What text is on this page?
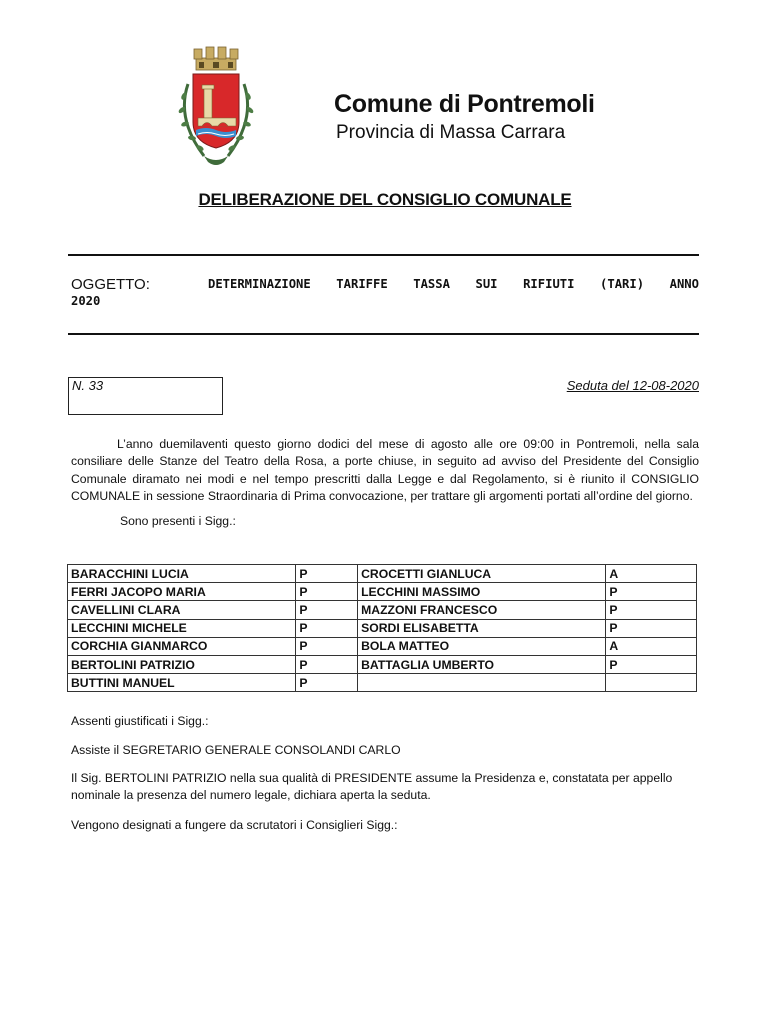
Comune di Pontremoli
Provincia di Massa Carrara
DELIBERAZIONE DEL CONSIGLIO COMUNALE
OGGETTO:	DETERMINAZIONE TARIFFE TASSA SUI RIFIUTI (TARI) ANNO
2020
N. 33	Seduta del 12-08-2020

L’anno duemilaventi questo giorno dodici del mese di agosto alle ore 09:00 in Pontremoli, nella sala consiliare delle Stanze del Teatro della Rosa, a porte chiuse, in seguito ad avviso del Presidente del Consiglio Comunale diramato nei modi e nel tempo prescritti dalla Legge e dal Regolamento, si è riunito il CONSIGLIO COMUNALE in sessione Straordinaria di Prima convocazione, per trattare gli argomenti portati all’ordine del giorno.

Sono presenti i Sigg.:
BARACCHINI LUCIA	P	CROCETTI GIANLUCA	A
FERRI JACOPO MARIA	P	LECCHINI MASSIMO	P
CAVELLINI CLARA	P	MAZZONI FRANCESCO	P
LECCHINI MICHELE	P	SORDI ELISABETTA	P
CORCHIA GIANMARCO	P	BOLA MATTEO	A
BERTOLINI PATRIZIO	P	BATTAGLIA UMBERTO	P
BUTTINI MANUEL	P		
Assenti giustificati i Sigg.:
Assiste il SEGRETARIO GENERALE CONSOLANDI CARLO
Il Sig. BERTOLINI PATRIZIO nella sua qualità di PRESIDENTE assume la Presidenza e, constatata per appello nominale la presenza del numero legale, dichiara aperta la seduta.
Vengono designati a fungere da scrutatori i Consiglieri Sigg.:
